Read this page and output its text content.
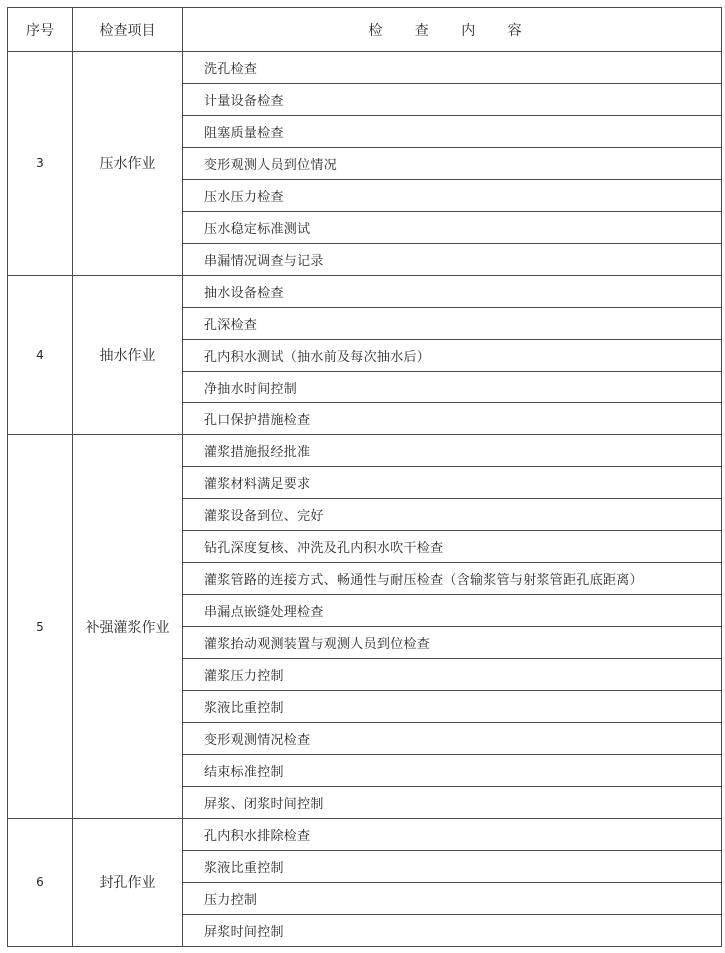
序号	检查项目	检 查 内 容
3	压水作业	洗孔检查
		计量设备检查
		阻塞质量检查
		变形观测人员到位情况
		压水压力检查
		压水稳定标准测试
		串漏情况调查与记录
4	抽水作业	抽水设备检查
		孔深检查
		孔内积水测试（抽水前及每次抽水后）
		净抽水时间控制
		孔口保护措施检查
5	补强灌浆作业	灌浆措施报经批准
		灌浆材料满足要求
		灌浆设备到位、完好
		钻孔深度复核、冲洗及孔内积水吹干检查
		灌浆管路的连接方式、畅通性与耐压检查（含输浆管与射浆管距孔底距离）
		串漏点嵌缝处理检查
		灌浆抬动观测装置与观测人员到位检查
		灌浆压力控制
		浆液比重控制
		变形观测情况检查
		结束标准控制
		屏浆、闭浆时间控制
6	封孔作业	孔内积水排除检查
		浆液比重控制
		压力控制
		屏浆时间控制
